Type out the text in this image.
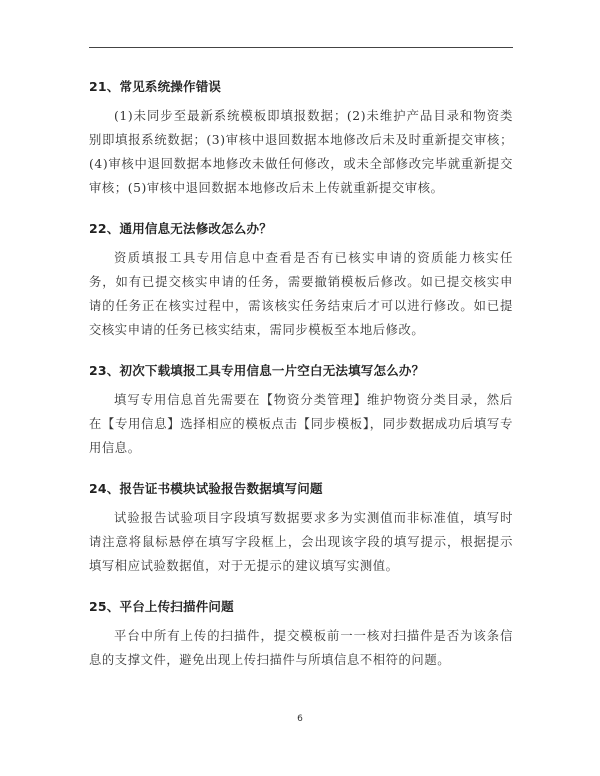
21、常见系统操作错误

(1)未同步至最新系统模板即填报数据；(2)未维护产品目录和物资类别即填报系统数据；(3)审核中退回数据本地修改后未及时重新提交审核；(4)审核中退回数据本地修改未做任何修改，或未全部修改完毕就重新提交审核；(5)审核中退回数据本地修改后未上传就重新提交审核。

22、通用信息无法修改怎么办？

资质填报工具专用信息中查看是否有已核实申请的资质能力核实任务，如有已提交核实申请的任务，需要撤销模板后修改。如已提交核实申请的任务正在核实过程中，需该核实任务结束后才可以进行修改。如已提交核实申请的任务已核实结束，需同步模板至本地后修改。

23、初次下载填报工具专用信息一片空白无法填写怎么办？

填写专用信息首先需要在【物资分类管理】维护物资分类目录，然后在【专用信息】选择相应的模板点击【同步模板】，同步数据成功后填写专用信息。

24、报告证书模块试验报告数据填写问题

试验报告试验项目字段填写数据要求多为实测值而非标准值，填写时请注意将鼠标悬停在填写字段框上，会出现该字段的填写提示，根据提示填写相应试验数据值，对于无提示的建议填写实测值。

25、平台上传扫描件问题

平台中所有上传的扫描件，提交模板前一一核对扫描件是否为该条信息的支撑文件，避免出现上传扫描件与所填信息不相符的问题。

6
